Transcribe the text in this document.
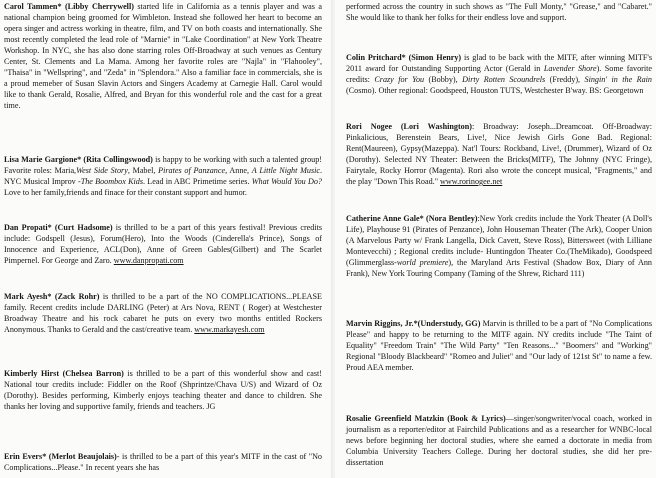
Carol Tammen* (Libby Cherrywell) started life in California as a tennis player and was a national champion being groomed for Wimbleton. Instead she followed her heart to become an opera singer and actress working in theatre, film, and TV on both coasts and internationally. She most recently completed the lead role of "Marnie" in "Lake Coordination" at New York Theatre Workshop. In NYC, she has also done starring roles Off-Broadway at such venues as Century Center, St. Clements and La Mama. Among her favorite roles are "Najla" in "Flahooley", "Thaisa" in "Wellspring", and "Zeda" in "Splendora." Also a familiar face in commercials, she is a proud memeber of Susan Slavin Actors and Singers Academy at Carnegie Hall. Carol would like to thank Gerald, Rosalie, Alfred, and Bryan for this wonderful role and the cast for a great time.

Lisa Marie Gargione* (Rita Collingswood) is happy to be working with such a talented group! Favorite roles: Maria,West Side Story, Mabel, Pirates of Panzance, Anne, A Little Night Music. NYC Musical Improv -The Boombox Kids. Lead in ABC Primetime series. What Would You Do? Love to her family,friends and finace for their constant support and humor.

Dan Propati* (Curt Hadsome) is thrilled to be a part of this years festival! Previous credits include: Godspell (Jesus), Forum(Hero), Into the Woods (Cinderella's Prince), Songs of Innocence and Experience, ACL(Don), Anne of Green Gables(Gilbert) and The Scarlet Pimpernel. For George and Zaro. www.danpropati.com

Mark Ayesh* (Zack Rohr) is thrilled to be a part of the NO COMPLICATIONS...PLEASE family. Recent credits include DARLING (Peter) at Ars Nova, RENT ( Roger) at Westchester Broadway Theatre and his rock cabaret he puts on every two months entitled Rockers Anonymous. Thanks to Gerald and the cast/creative team. www.markayesh.com

Kimberly Hirst (Chelsea Barron) is thrilled to be a part of this wonderful show and cast! National tour credits include: Fiddler on the Roof (Shprintze/Chava U/S) and Wizard of Oz (Dorothy). Besides performing, Kimberly enjoys teaching theater and dance to children. She thanks her loving and supportive family, friends and teachers. JG

Erin Evers* (Merlot Beaujolais)- is thrilled to be a part of this year's MITF in the cast of "No Complications...Please." In recent years she has

performed across the country in such shows as "The Full Monty," "Grease," and "Cabaret." She would like to thank her folks for their endless love and support.

Colin Pritchard* (Simon Henry) is glad to be back with the MITF, after winning MITF's 2011 award for Outstanding Supporting Actor (Gerald in Lavender Shore). Some favorite credits: Crazy for You (Bobby), Dirty Rotten Scoundrels (Freddy), Singin' in the Rain (Cosmo). Other regional: Goodspeed, Houston TUTS, Westchester B'way. BS: Georgetown

Rori Nogee (Lori Washington): Broadway: Joseph...Dreamcoat. Off-Broadway: Pinkalicious, Berenstein Bears, Live!, Nice Jewish Girls Gone Bad. Regional: Rent(Maureen), Gypsy(Mazeppa). Nat'l Tours: Rockband, Live!, (Drummer), Wizard of Oz (Dorothy). Selected NY Theater: Between the Bricks(MITF), The Johnny (NYC Fringe), Fairytale, Rocky Horror (Magenta). Rori also wrote the concept musical, "Fragments," and the play "Down This Road." www.rorinogee.net

Catherine Anne Gale* (Nora Bentley):New York credits include the York Theater (A Doll's Life), Playhouse 91 (Pirates of Penzance), John Houseman Theater (The Ark), Cooper Union (A Marvelous Party w/ Frank Langella, Dick Cavett, Steve Ross), Bittersweet (with Lilliane Montevecchi) ; Regional credits include- Huntingdon Theater Co.(TheMikado), Goodspeed (Glimmerglass-world premiere), the Maryland Arts Festival (Shadow Box, Diary of Ann Frank), New York Touring Company (Taming of the Shrew, Richard 111)

Marvin Riggins, Jr.*(Understudy, GG) Marvin is thrilled to be a part of "No Complications Please" and happy to be returning to the MITF again. NY credits include "The Taint of Equality" "Freedom Train" "The Wild Party" "Ten Reasons..." "Boomers" and "Working" Regional "Bloody Blackbeard" "Romeo and Juliet" and "Our lady of 121st St" to name a few. Proud AEA member.

Rosalie Greenfield Matzkin (Book & Lyrics)—singer/songwriter/vocal coach, worked in journalism as a reporter/editor at Fairchild Publications and as a researcher for WNBC-local news before beginning her doctoral studies, where she earned a doctorate in media from Columbia University Teachers College. During her doctoral studies, she did her pre-dissertation
